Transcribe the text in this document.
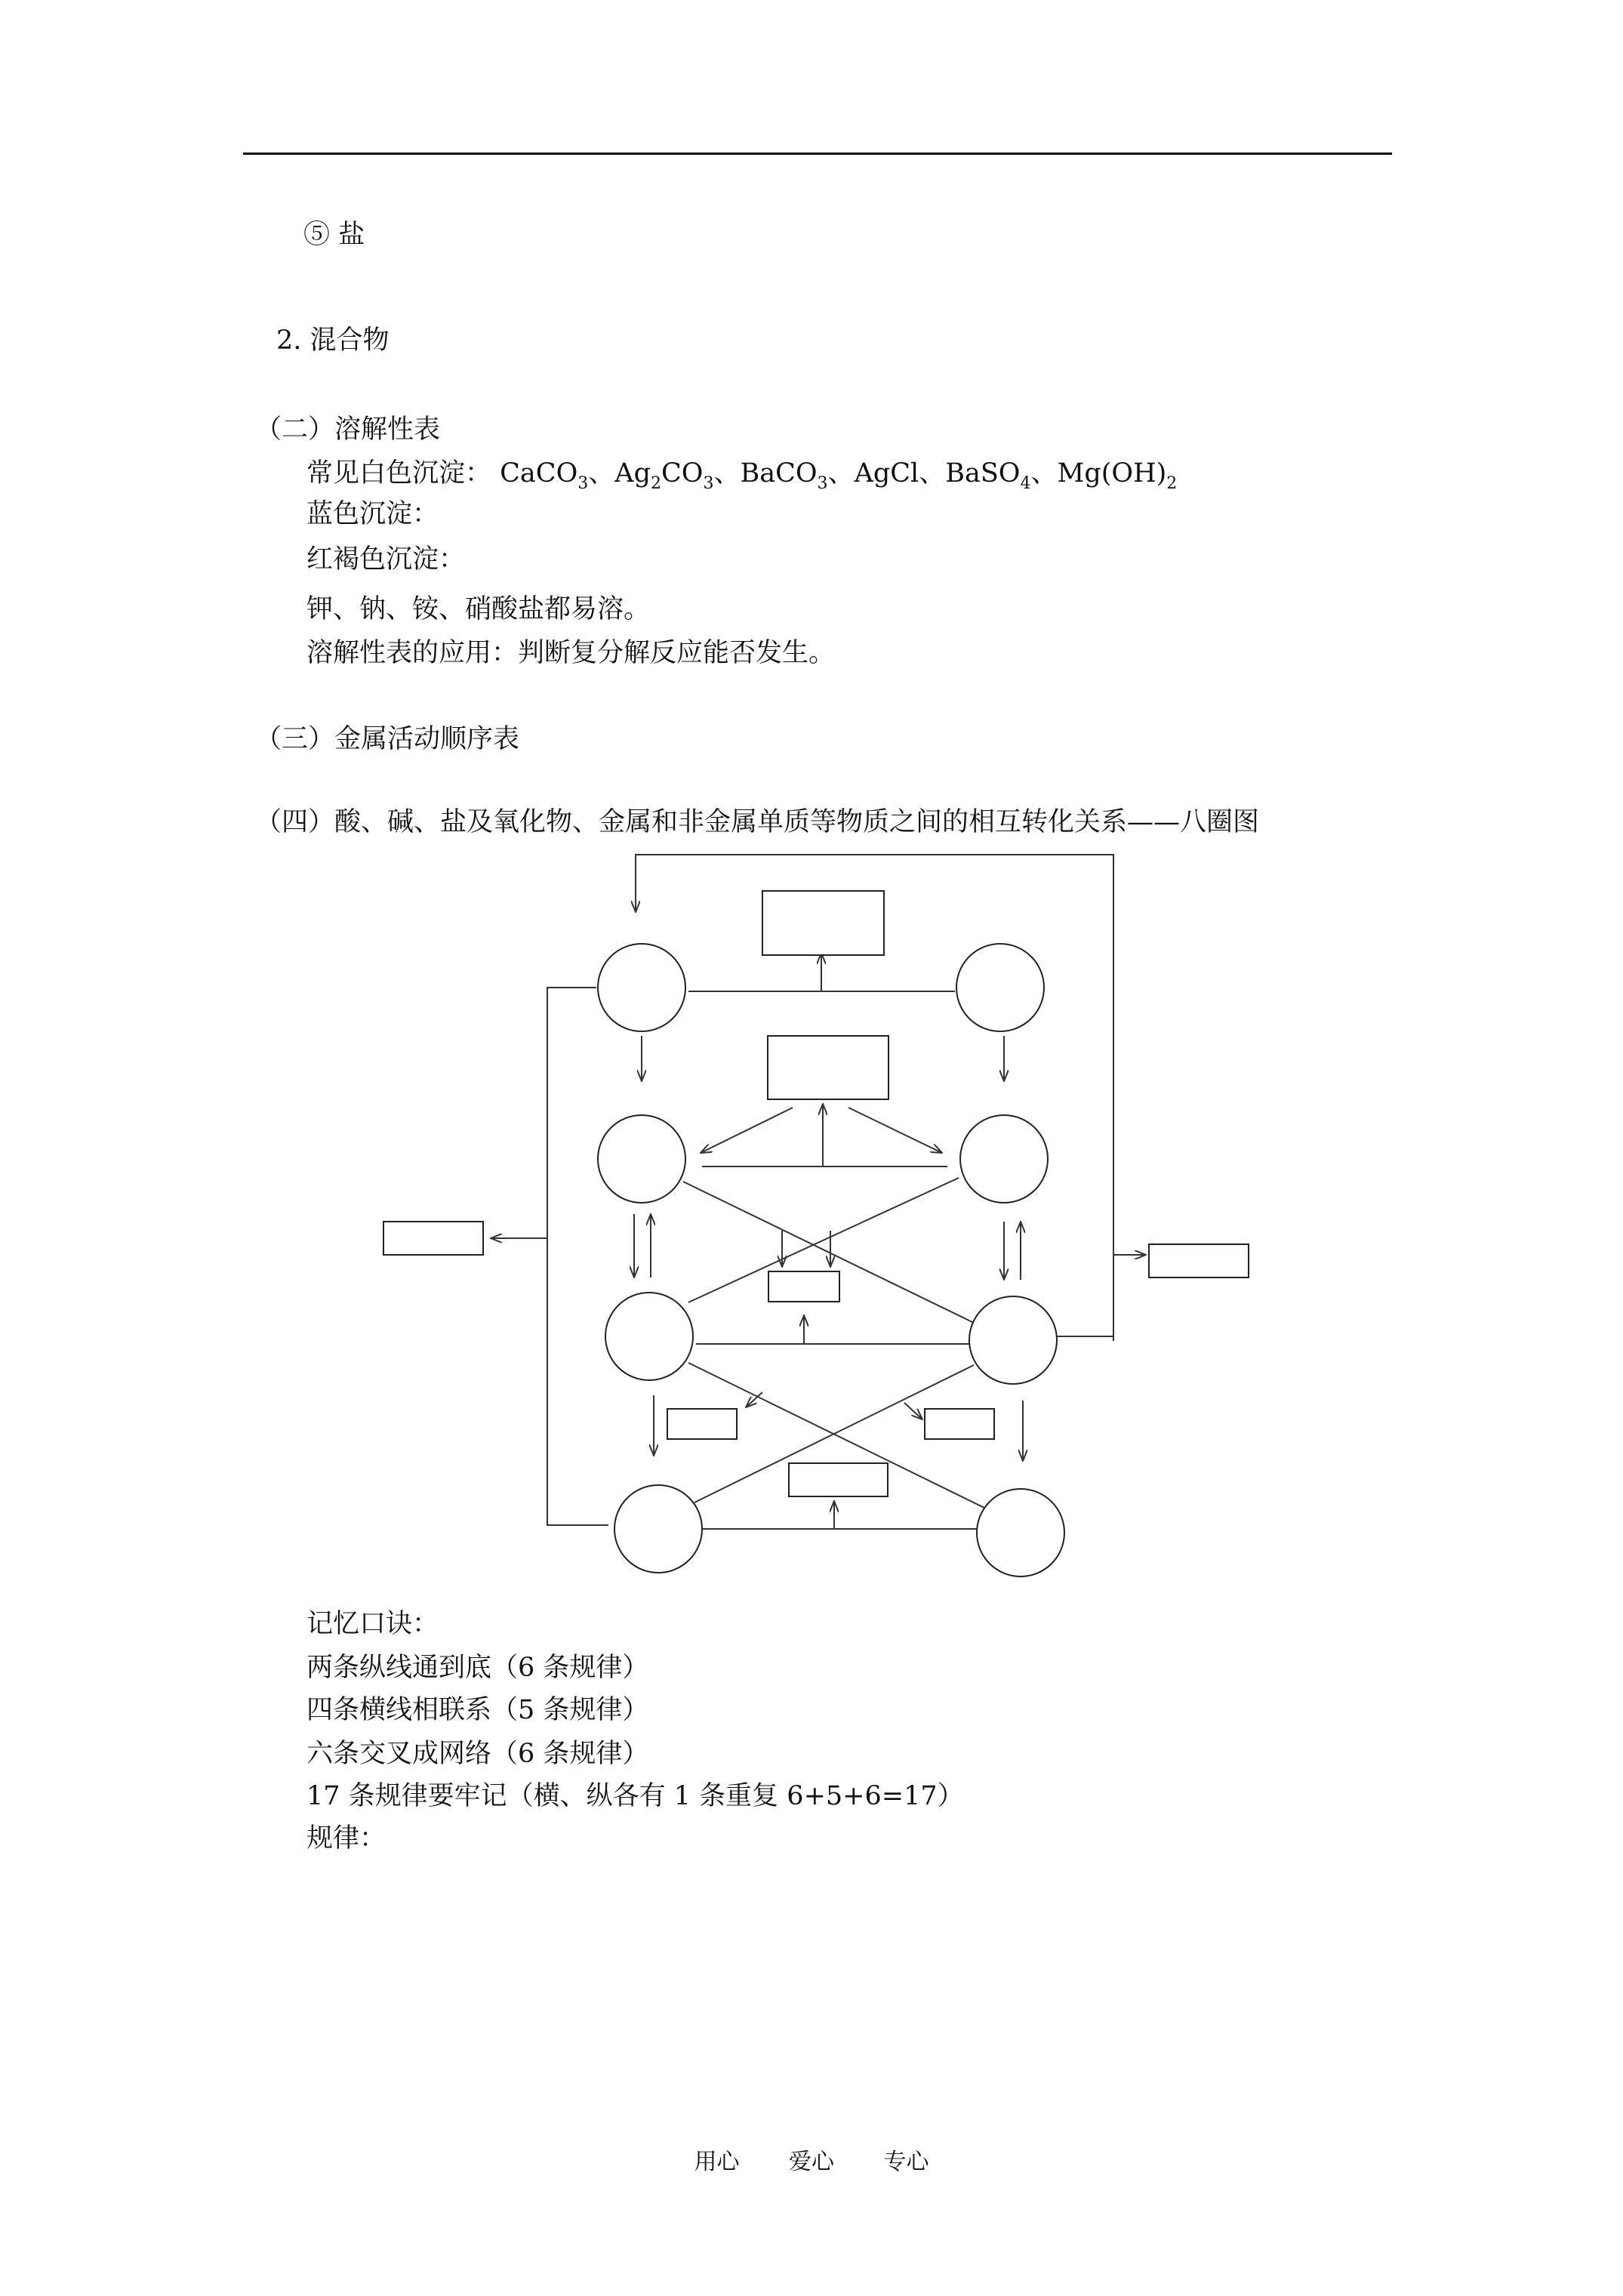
⑤ 盐
2. 混合物
（二）溶解性表
常见白色沉淀： CaCO$_3$、$Ag_2CO_3$、BaCO$_3$、AgCl、BaSO$_4$、$Mg(OH)_2$
蓝色沉淀：
红褐色沉淀：
钾、钠、铵、硝酸盐都易溶。
溶解性表的应用：判断复分解反应能否发生。
（三）金属活动顺序表
（四）酸、碱、盐及氧化物、金属和非金属单质等物质之间的相互转化关系——八圈图
记忆口诀：
两条纵线通到底（6 条规律）
四条横线相联系（5 条规律）
六条交叉成网络（6 条规律）
17 条规律要牢记（横、纵各有 1 条重复 6+5+6=17）
规律：
用心 爱心 专心
